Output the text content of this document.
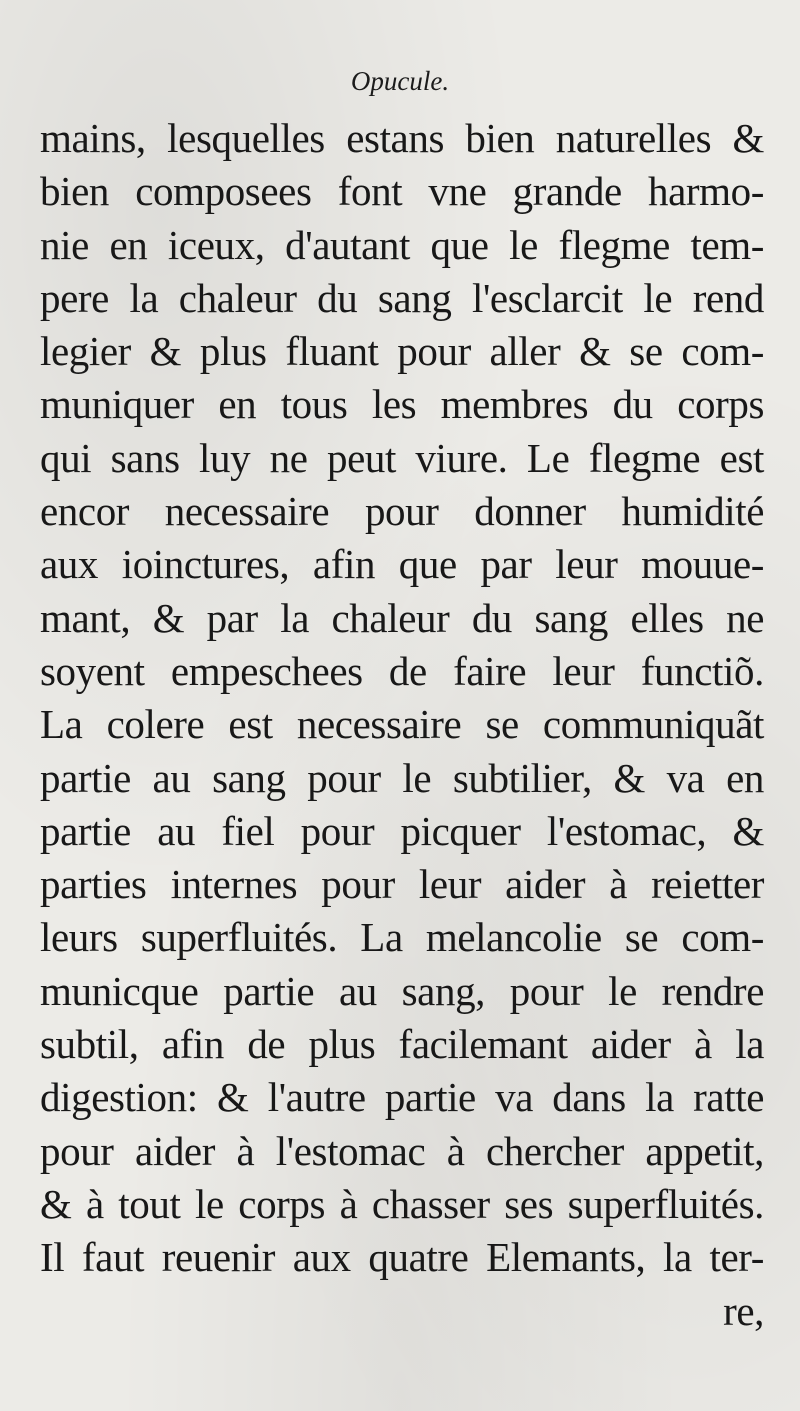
Opucule.
mains, lesquelles estans bien naturelles &
bien composees font vne grande harmo-
nie en iceux, d'autant que le flegme tem-
pere la chaleur du sang l'esclarcit le rend
legier & plus fluant pour aller & se com-
muniquer en tous les membres du corps
qui sans luy ne peut viure. Le flegme est
encor necessaire pour donner humidité
aux ioinctures, afin que par leur mouue-
mant, & par la chaleur du sang elles ne
soyent empeschees de faire leur functiõ.
La colere est necessaire se communiquãt
partie au sang pour le subtilier, & va en
partie au fiel pour picquer l'estomac, &
parties internes pour leur aider à reietter
leurs superfluités. La melancolie se com-
municque partie au sang, pour le rendre
subtil, afin de plus facilemant aider à la
digestion: & l'autre partie va dans la ratte
pour aider à l'estomac à chercher appetit,
& à tout le corps à chasser ses superfluités.
Il faut reuenir aux quatre Elemants, la ter-
re,
